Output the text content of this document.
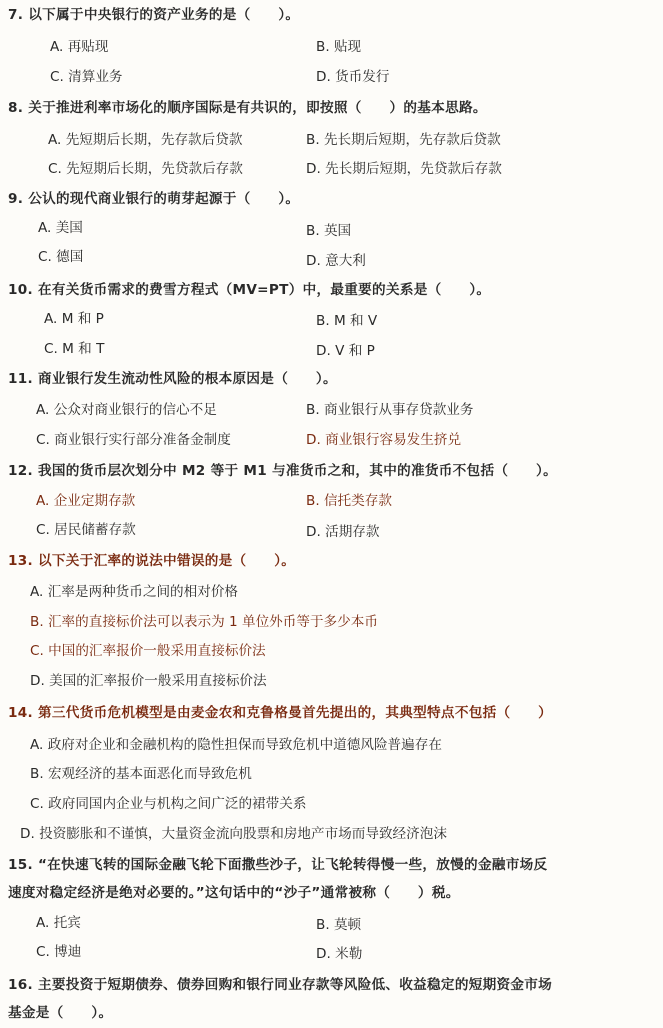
7. 以下属于中央银行的资产业务的是（　　）。
A. 再贴现	B. 贴现
C. 清算业务	D. 货币发行
8. 关于推进利率市场化的顺序国际是有共识的，即按照（　　）的基本思路。
A. 先短期后长期，先存款后贷款	B. 先长期后短期，先存款后贷款
C. 先短期后长期，先贷款后存款	D. 先长期后短期，先贷款后存款
9. 公认的现代商业银行的萌芽起源于（　　）。
A. 美国	B. 英国
C. 德国	D. 意大利
10. 在有关货币需求的费雪方程式（MV=PT）中，最重要的关系是（　　）。
A. M 和 P	B. M 和 V
C. M 和 T	D. V 和 P
11. 商业银行发生流动性风险的根本原因是（　　）。
A. 公众对商业银行的信心不足	B. 商业银行从事存贷款业务
C. 商业银行实行部分准备金制度	D. 商业银行容易发生挤兑
12. 我国的货币层次划分中 M2 等于 M1 与准货币之和，其中的准货币不包括（　　）。
A. 企业定期存款	B. 信托类存款
C. 居民储蓄存款	D. 活期存款
13. 以下关于汇率的说法中错误的是（　　）。
A. 汇率是两种货币之间的相对价格
B. 汇率的直接标价法可以表示为 1 单位外币等于多少本币
C. 中国的汇率报价一般采用直接标价法
D. 美国的汇率报价一般采用直接标价法
14. 第三代货币危机模型是由麦金农和克鲁格曼首先提出的，其典型特点不包括（　　）
A. 政府对企业和金融机构的隐性担保而导致危机中道德风险普遍存在
B. 宏观经济的基本面恶化而导致危机
C. 政府同国内企业与机构之间广泛的裙带关系
D. 投资膨胀和不谨慎，大量资金流向股票和房地产市场而导致经济泡沫
15. “在快速飞转的国际金融飞轮下面撒些沙子，让飞轮转得慢一些，放慢的金融市场反
速度对稳定经济是绝对必要的。”这句话中的“沙子”通常被称（　　）税。
A. 托宾	B. 莫顿
C. 博迪	D. 米勒
16. 主要投资于短期债券、债券回购和银行同业存款等风险低、收益稳定的短期资金市场
基金是（　　）。
